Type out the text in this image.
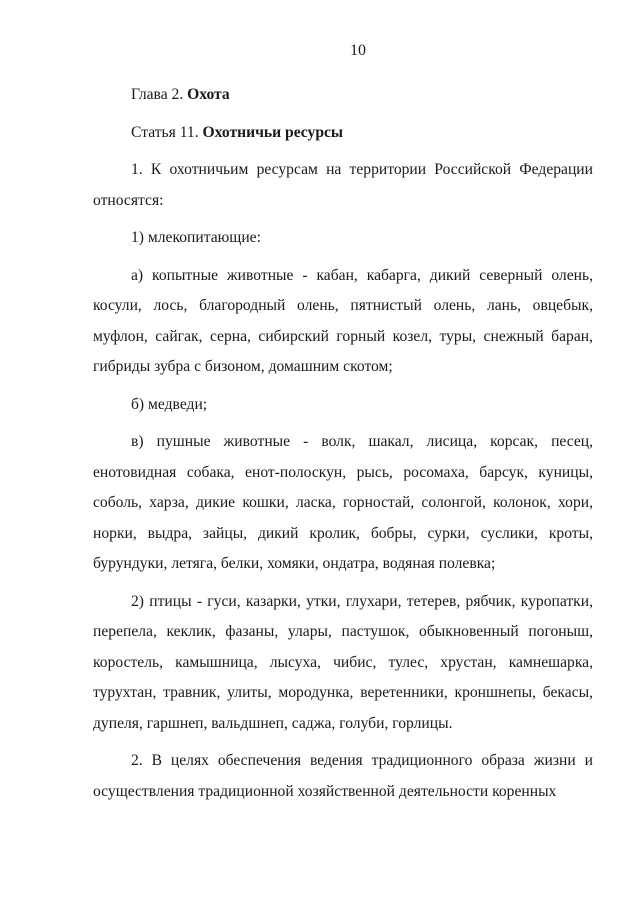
10

Глава 2. Охота

Статья 11. Охотничьи ресурсы

1. К охотничьим ресурсам на территории Российской Федерации относятся:

1) млекопитающие:

а) копытные животные - кабан, кабарга, дикий северный олень, косули, лось, благородный олень, пятнистый олень, лань, овцебык, муфлон, сайгак, серна, сибирский горный козел, туры, снежный баран, гибриды зубра с бизоном, домашним скотом;

б) медведи;

в) пушные животные - волк, шакал, лисица, корсак, песец, енотовидная собака, енот-полоскун, рысь, росомаха, барсук, куницы, соболь, харза, дикие кошки, ласка, горностай, солонгой, колонок, хори, норки, выдра, зайцы, дикий кролик, бобры, сурки, суслики, кроты, бурундуки, летяга, белки, хомяки, ондатра, водяная полевка;

2) птицы - гуси, казарки, утки, глухари, тетерев, рябчик, куропатки, перепела, кеклик, фазаны, улары, пастушок, обыкновенный погоныш, коростель, камышница, лысуха, чибис, тулес, хрустан, камнешарка, турухтан, травник, улиты, мородунка, веретенники, кроншнепы, бекасы, дупеля, гаршнеп, вальдшнеп, саджа, голуби, горлицы.

2. В целях обеспечения ведения традиционного образа жизни и осуществления традиционной хозяйственной деятельности коренных
